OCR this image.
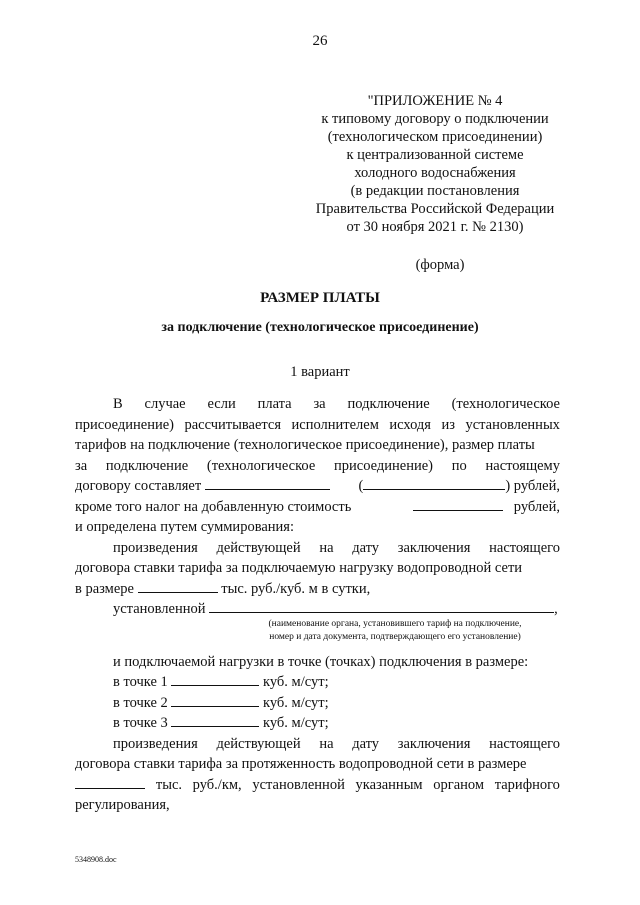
26
"ПРИЛОЖЕНИЕ № 4
к типовому договору о подключении
(технологическом присоединении)
к централизованной системе
холодного водоснабжения
(в редакции постановления
Правительства Российской Федерации
от 30 ноября 2021 г. № 2130)
(форма)
РАЗМЕР ПЛАТЫ
за подключение (технологическое присоединение)
1 вариант
В случае если плата за подключение (технологическое
присоединение) рассчитывается исполнителем исходя из установленных
тарифов на подключение (технологическое присоединение), размер платы
за подключение (технологическое присоединение) по настоящему
договору составляет	(	) рублей,
кроме того налог на добавленную стоимость	рублей,
и определена путем суммирования:
произведения действующей на дату заключения настоящего
договора ставки тарифа за подключаемую нагрузку водопроводной сети
в размере	тыс. руб./куб. м в сутки,
установленной	,
(наименование органа, установившего тариф на подключение,
номер и дата документа, подтверждающего его установление)
и подключаемой нагрузки в точке (точках) подключения в размере:
в точке 1	куб. м/сут;
в точке 2	куб. м/сут;
в точке 3	куб. м/сут;
произведения действующей на дату заключения настоящего
договора ставки тарифа за протяженность водопроводной сети в размере
тыс. руб./км, установленной указанным органом тарифного
регулирования,
5348908.doc
